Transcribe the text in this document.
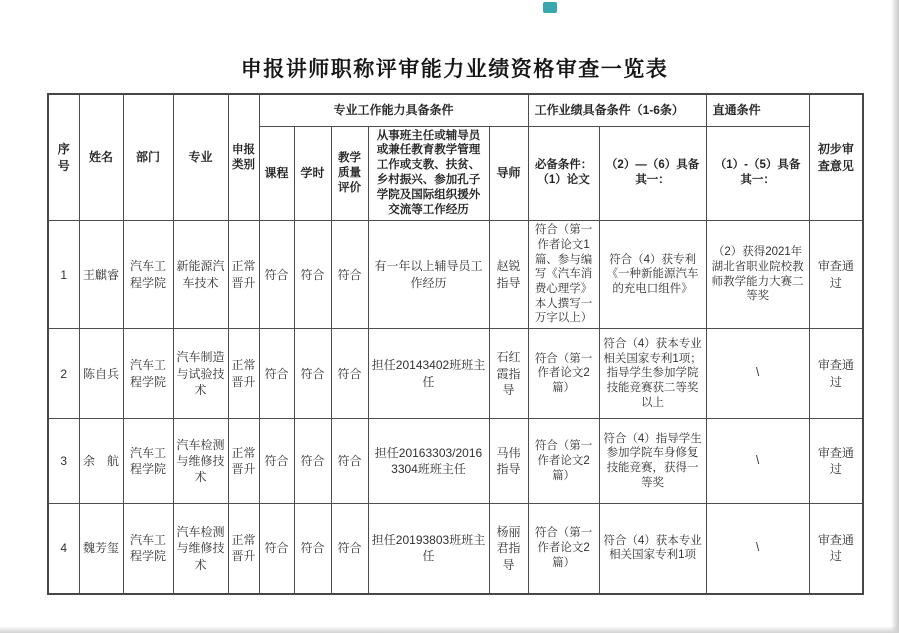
申报讲师职称评审能力业绩资格审查一览表
序号	姓名	部门	专业	申报类别	专业工作能力具备条件					工作业绩具备条件（1-6条）		直通条件	初步审查意见
					课程	学时	教学质量评价	从事班主任或辅导员或兼任教育教学管理工作或支教、扶贫、乡村振兴、参加孔子学院及国际组织援外交流等工作经历	导师	必备条件：（1）论文	（2）—（6）具备其一：	（1）-（5）具备其一：	
1	王麒睿	汽车工程学院	新能源汽车技术	正常晋升	符合	符合	符合	有一年以上辅导员工作经历	赵锐指导	符合（第一作者论文1篇、参与编写《汽车消费心理学》本人撰写一万字以上）	符合（4）获专利《一种新能源汽车的充电口组件》	（2）获得2021年湖北省职业院校教师教学能力大赛二等奖	审查通过
2	陈自兵	汽车工程学院	汽车制造与试验技术	正常晋升	符合	符合	符合	担任20143402班班主任	石红霞指导	符合（第一作者论文2篇）	符合（4）获本专业相关国家专利1项；指导学生参加学院技能竞赛获二等奖以上	\	审查通过
3	余　航	汽车工程学院	汽车检测与维修技术	正常晋升	符合	符合	符合	担任20163303/20163304班班主任	马伟指导	符合（第一作者论文2篇）	符合（4）指导学生参加学院车身修复技能竞赛，获得一等奖	\	审查通过
4	魏芳玺	汽车工程学院	汽车检测与维修技术	正常晋升	符合	符合	符合	担任20193803班班主任	杨丽君指导	符合（第一作者论文2篇）	符合（4）获本专业相关国家专利1项	\	审查通过
